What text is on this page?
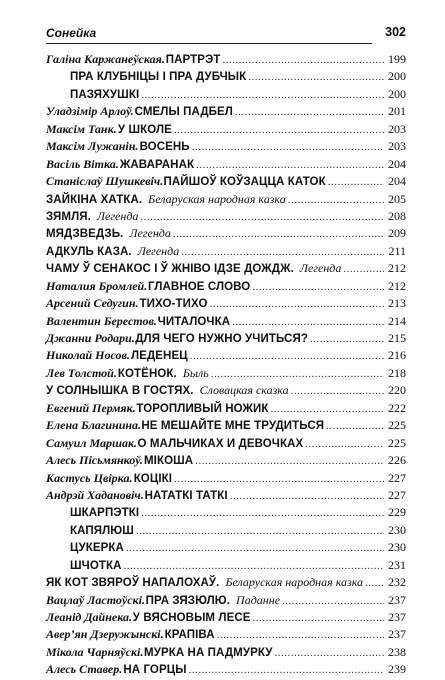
Сонейка	302
Галіна Каржанеўская. ПАРТРЭТ .....	199
ПРА КЛУБНІЦЫ І ПРА ДУБЧЫК .....	200
ПАЗЯХУШКІ .....	200
Уладзімір Арлоў. СМЕЛЫ ПАДБЕЛ .....	201
Максім Танк. У ШКОЛЕ .....	203
Максім Лужанін. ВОСЕНЬ .....	203
Васіль Вітка. ЖАВАРАНАК .....	204
Станіслаў Шушкевіч. ПАЙШОЎ КОЎЗАЦЦА КАТОК .....	204
ЗАЙКІНА ХАТКА. Беларуская народная казка .....	205
ЗЯМЛЯ. Легенда .....	208
МЯДЗВЕДЗЬ. Легенда .....	209
АДКУЛЬ КАЗА. Легенда .....	211
ЧАМУ Ў СЕНАКОС І Ў ЖНІВО ІДЗЕ ДОЖДЖ. Легенда .....	212
Наталия Бромлей. ГЛАВНОЕ СЛОВО .....	212
Арсений Седугин. ТИХО-ТИХО .....	213
Валентин Берестов. ЧИТАЛОЧКА .....	214
Джанни Родари. ДЛЯ ЧЕГО НУЖНО УЧИТЬСЯ? .....	215
Николай Носов. ЛЕДЕНЕЦ .....	216
Лев Толстой. КОТЁНОК. Быль .....	218
У СОЛНЫШКА В ГОСТЯХ. Словацкая сказка .....	220
Евгений Пермяк. ТОРОПЛИВЫЙ НОЖИК .....	222
Елена Благинина. НЕ МЕШАЙТЕ МНЕ ТРУДИТЬСЯ .....	225
Самуил Маршак. О МАЛЬЧИКАХ И ДЕВОЧКАХ .....	225
Алесь Пісьмянкоў. МІКОША .....	226
Кастусь Цвірка. КОЦІКІ .....	227
Андрэй Хадановіч. НАТАТКІ ТАТКІ .....	227
ШКАРПЭТКІ .....	229
КАПЯЛЮШ .....	230
ЦУКЕРКА .....	230
ШЧОТКА .....	231
ЯК КОТ ЗВЯРОЎ НАПАЛОХАЎ. Беларуская народная казка ..... 232
Вацлаў Ластоўскі. ПРА ЗЯЗЮЛЮ. Паданне .....	237
Леанід Дайнека. У ВЯСНОВЫМ ЛЕСЕ .....	237
Авер’ян Дзеружынскі. КРАПІВА .....	237
Мікола Чарняўскі. МУРКА НА ПАДМУРКУ .....	238
Алесь Ставер. НА ГОРЦЫ .....	239
